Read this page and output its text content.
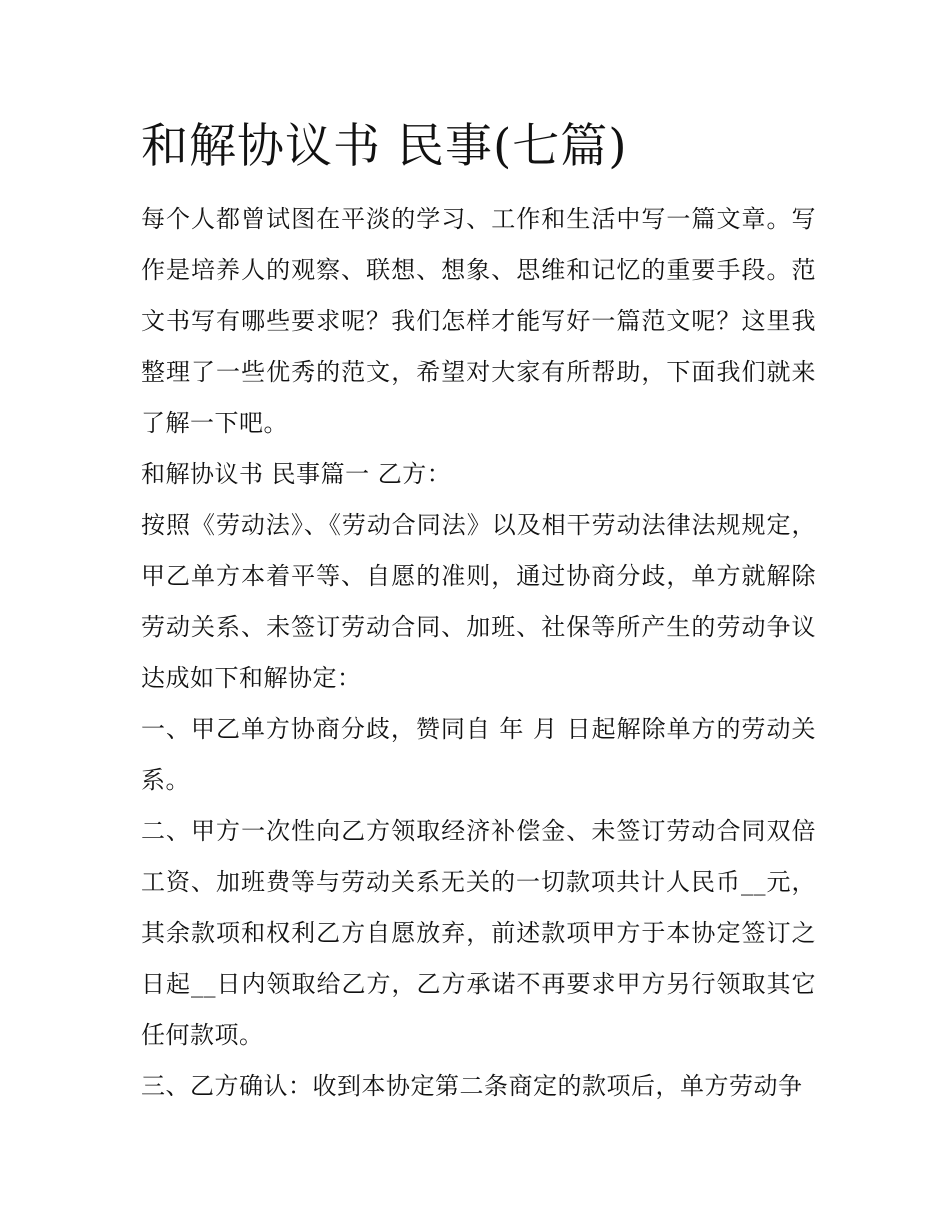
和解协议书 民事(七篇)

每个人都曾试图在平淡的学习、工作和生活中写一篇文章。写作是培养人的观察、联想、想象、思维和记忆的重要手段。范文书写有哪些要求呢？我们怎样才能写好一篇范文呢？这里我整理了一些优秀的范文，希望对大家有所帮助，下面我们就来了解一下吧。

和解协议书 民事篇一 乙方：

按照《劳动法》、《劳动合同法》以及相干劳动法律法规规定，甲乙单方本着平等、自愿的准则，通过协商分歧，单方就解除劳动关系、未签订劳动合同、加班、社保等所产生的劳动争议达成如下和解协定：

一、甲乙单方协商分歧，赞同自 年 月 日起解除单方的劳动关系。

二、甲方一次性向乙方领取经济补偿金、未签订劳动合同双倍工资、加班费等与劳动关系无关的一切款项共计人民币__元，其余款项和权利乙方自愿放弃，前述款项甲方于本协定签订之日起__日内领取给乙方，乙方承诺不再要求甲方另行领取其它任何款项。

三、乙方确认：收到本协定第二条商定的款项后，单方劳动争
